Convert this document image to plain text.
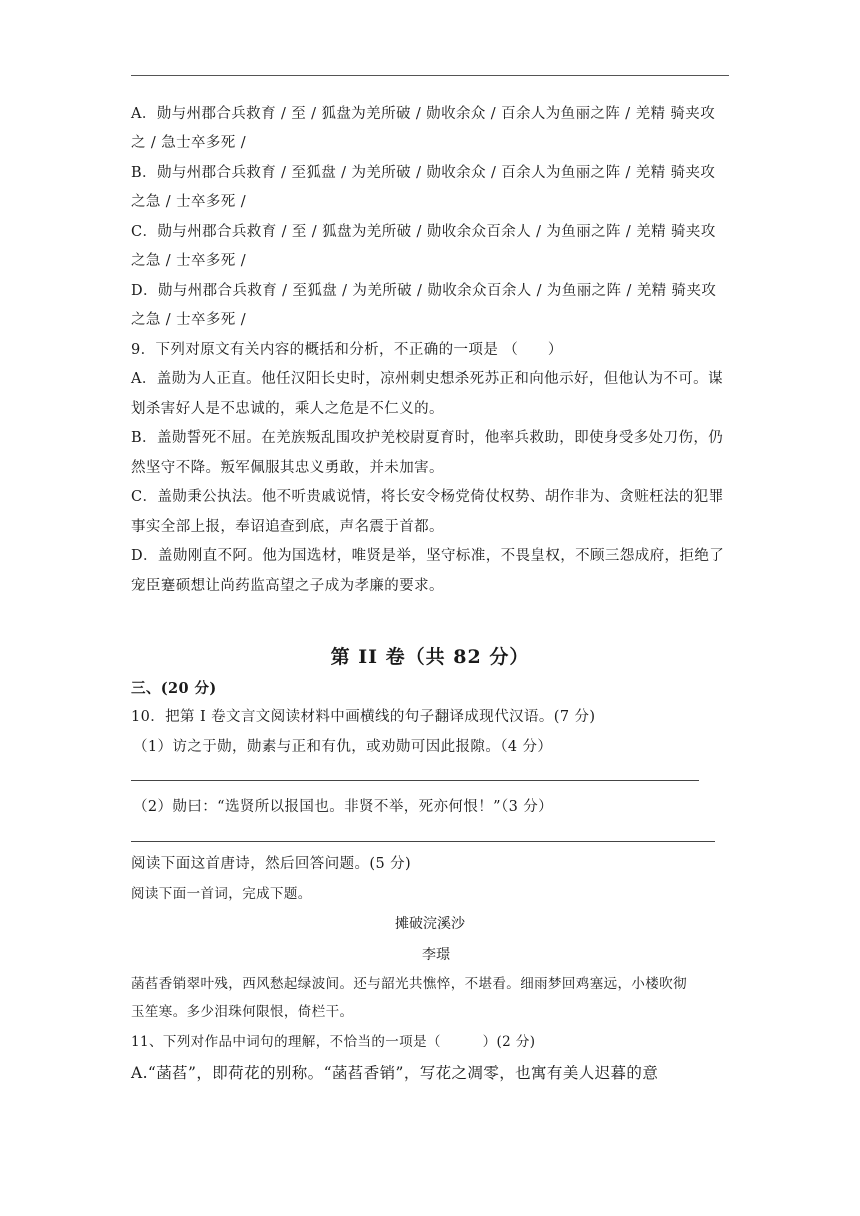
A．勋与州郡合兵救育 / 至 / 狐盘为羌所破 / 勋收余众 / 百余人为鱼丽之阵 / 羌精 骑夹攻
之 / 急士卒多死 /
B．勋与州郡合兵救育 / 至狐盘 / 为羌所破 / 勋收余众 / 百余人为鱼丽之阵 / 羌精 骑夹攻
之急 / 士卒多死 /
C．勋与州郡合兵救育 / 至 / 狐盘为羌所破 / 勋收余众百余人 / 为鱼丽之阵 / 羌精 骑夹攻
之急 / 士卒多死 /
D．勋与州郡合兵救育 / 至狐盘 / 为羌所破 / 勋收余众百余人 / 为鱼丽之阵 / 羌精 骑夹攻
之急 / 士卒多死 /
9．下列对原文有关内容的概括和分析，不正确的一项是 （　　）
A．盖勋为人正直。他任汉阳长史时，凉州刺史想杀死苏正和向他示好，但他认为不可。谋
划杀害好人是不忠诚的，乘人之危是不仁义的。
B．盖勋誓死不屈。在羌族叛乱围攻护羌校尉夏育时，他率兵救助，即使身受多处刀伤，仍
然坚守不降。叛军佩服其忠义勇敢，并未加害。
C．盖勋秉公执法。他不听贵戚说情，将长安令杨党倚仗权势、胡作非为、贪赃枉法的犯罪
事实全部上报，奉诏追查到底，声名震于首都。
D．盖勋刚直不阿。他为国选材，唯贤是举，坚守标准，不畏皇权，不顾三怨成府，拒绝了
宠臣蹇硕想让尚药监高望之子成为孝廉的要求。
第 II 卷（共 82 分）
三、(20 分)
10．把第 I 卷文言文阅读材料中画横线的句子翻译成现代汉语。(7 分)
（1）访之于勋，勋素与正和有仇，或劝勋可因此报隙。（4 分）
（2）勋曰：“选贤所以报国也。非贤不举，死亦何恨！”（3 分）
阅读下面这首唐诗，然后回答问题。(5 分)
阅读下面一首词，完成下题。
摊破浣溪沙
李璟
菡萏香销翠叶残，西风愁起绿波间。还与韶光共憔悴，不堪看。细雨梦回鸡塞远，小楼吹彻
玉笙寒。多少泪珠何限恨，倚栏干。
11、下列对作品中词句的理解，不恰当的一项是（　　　）(2 分)
A.“菡萏”，即荷花的别称。“菡萏香销”，写花之凋零，也寓有美人迟暮的意
